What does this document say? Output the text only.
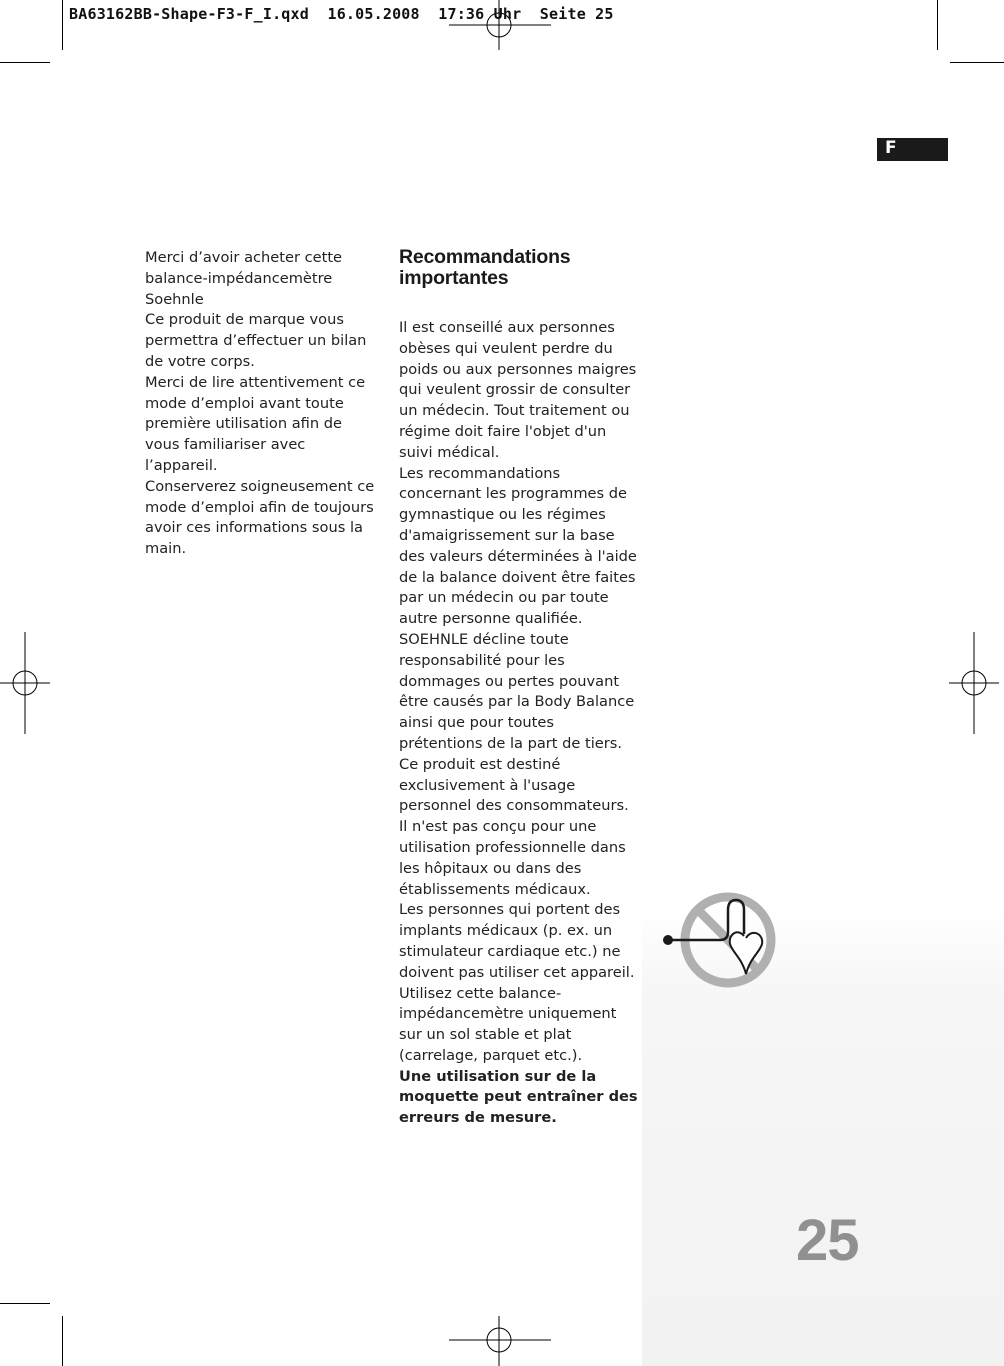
BA63162BB-Shape-F3-F_I.qxd  16.05.2008  17:36 Uhr  Seite 25
F

Merci d’avoir acheter cette balance-impédancemètre Soehnle

Ce produit de marque vous permettra d’effectuer un bilan de votre corps.

Merci de lire attentivement ce mode d’emploi avant toute première utilisation afin de vous familiariser avec l’appareil.

Conserverez soigneusement ce mode d’emploi afin de toujours avoir ces informations sous la main.

Recommandations importantes

Il est conseillé aux personnes obèses qui veulent perdre du poids ou aux personnes maigres qui veulent grossir de consulter un médecin. Tout traitement ou régime doit faire l'objet d'un suivi médical.

Les recommandations concernant les programmes de gymnastique ou les régimes d'amaigrissement sur la base des valeurs déterminées à l'aide de la balance doivent être faites par un médecin ou par toute autre personne qualifiée.

SOEHNLE décline toute responsabilité pour les dommages ou pertes pouvant être causés par la Body Balance ainsi que pour toutes prétentions de la part de tiers.

Ce produit est destiné exclusivement à l'usage personnel des consommateurs. Il n'est pas conçu pour une utilisation professionnelle dans les hôpitaux ou dans des établissements médicaux.

Les personnes qui portent des implants médicaux (p. ex. un stimulateur cardiaque etc.) ne doivent pas utiliser cet appareil.

Utilisez cette balance-impédancemètre uniquement sur un sol stable et plat (carrelage, parquet etc.).

Une utilisation sur de la moquette peut entraîner des erreurs de mesure.

25
